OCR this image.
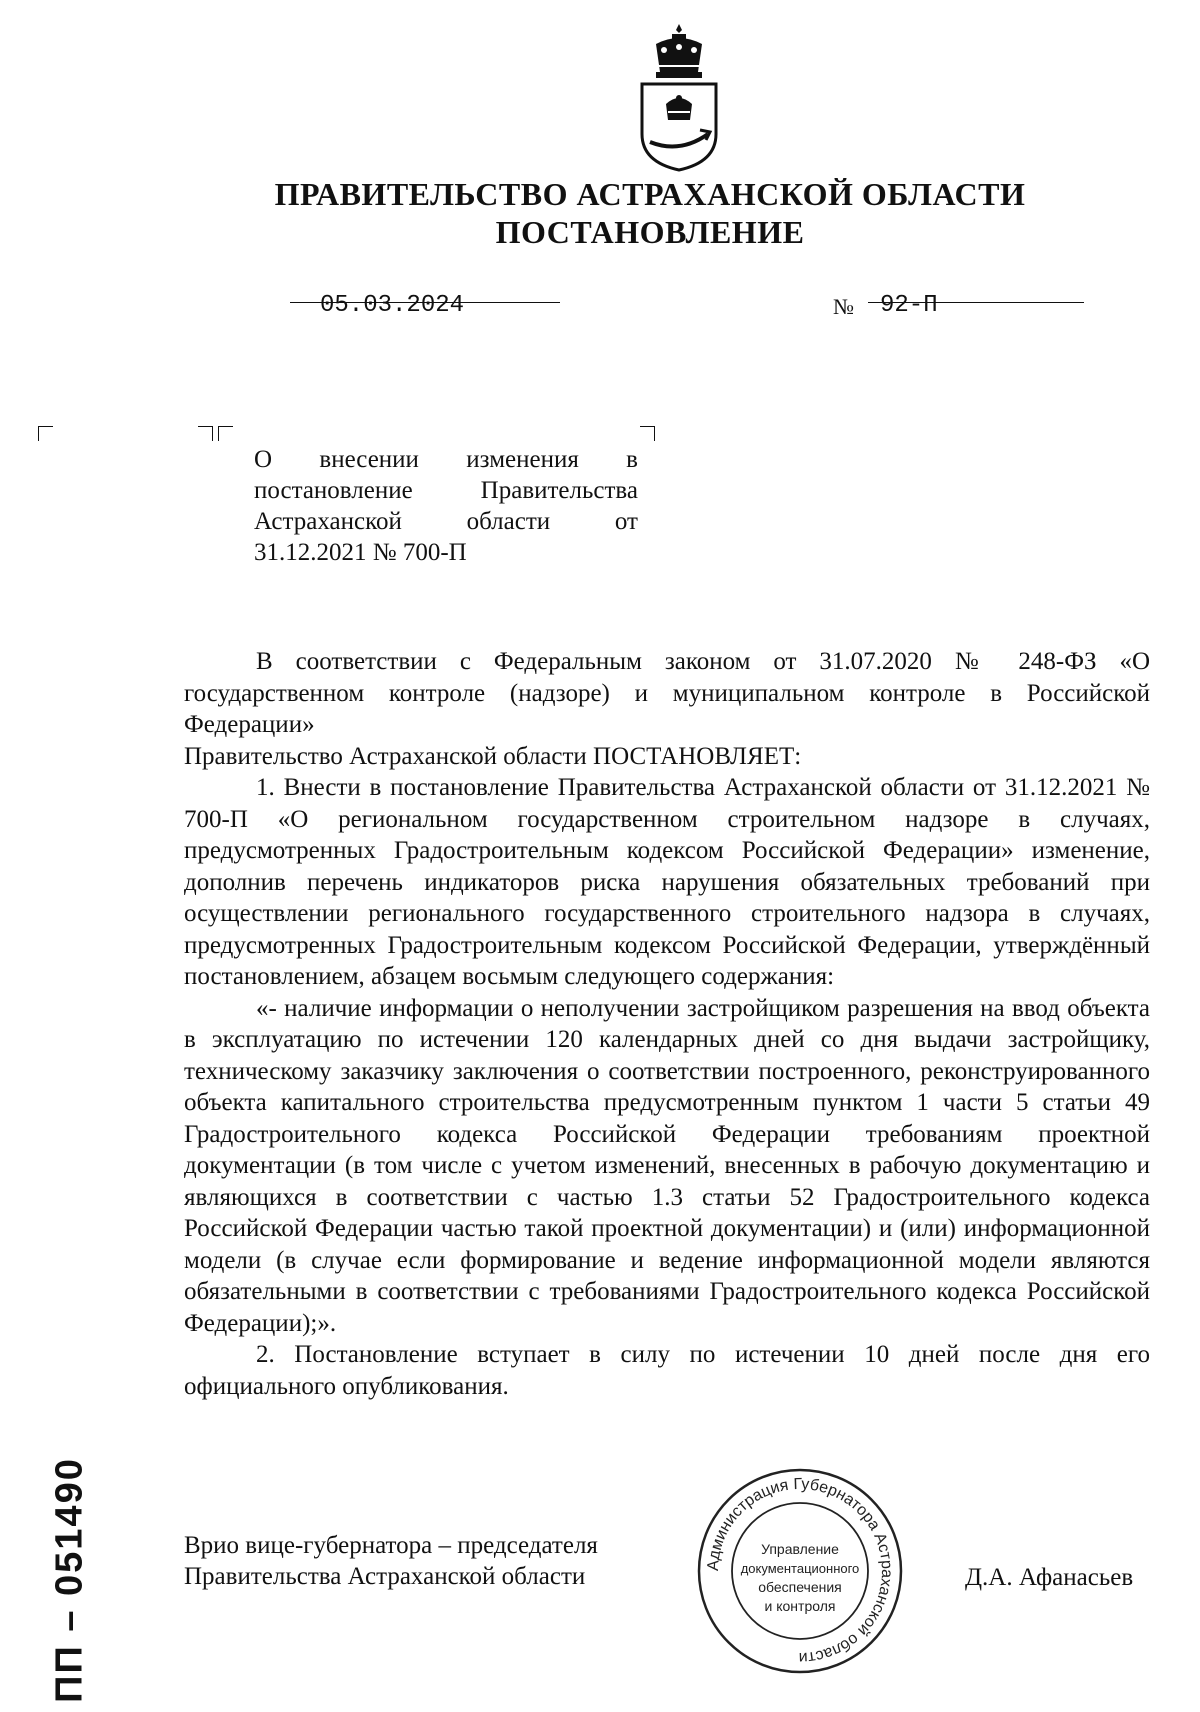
ПРАВИТЕЛЬСТВО АСТРАХАНСКОЙ ОБЛАСТИ
ПОСТАНОВЛЕНИЕ
05.03.2024	№ 92-П
О внесении изменения в постановление Правительства Астраханской области от 31.12.2021 № 700-П

В соответствии с Федеральным законом от 31.07.2020 № 248-ФЗ «О государственном контроле (надзоре) и муниципальном контроле в Российской Федерации»

Правительство Астраханской области ПОСТАНОВЛЯЕТ:

1. Внести в постановление Правительства Астраханской области от 31.12.2021 № 700-П «О региональном государственном строительном надзоре в случаях, предусмотренных Градостроительным кодексом Российской Федерации» изменение, дополнив перечень индикаторов риска нарушения обязательных требований при осуществлении регионального государственного строительного надзора в случаях, предусмотренных Градостроительным кодексом Российской Федерации, утверждённый постановлением, абзацем восьмым следующего содержания:

«- наличие информации о неполучении застройщиком разрешения на ввод объекта в эксплуатацию по истечении 120 календарных дней со дня выдачи застройщику, техническому заказчику заключения о соответствии построенного, реконструированного объекта капитального строительства предусмотренным пунктом 1 части 5 статьи 49 Градостроительного кодекса Российской Федерации требованиям проектной документации (в том числе с учетом изменений, внесенных в рабочую документацию и являющихся в соответствии с частью 1.3 статьи 52 Градостроительного кодекса Российской Федерации частью такой проектной документации) и (или) информационной модели (в случае если формирование и ведение информационной модели являются обязательными в соответствии с требованиями Градостроительного кодекса Российской Федерации);».

2. Постановление вступает в силу по истечении 10 дней после дня его официального опубликования.

Врио вице-губернатора – председателя
Правительства Астраханской области	Администрация Губернатора Астраханской области
Управление
документационного
обеспечения
и контроля
Д.А. Афанасьев
ПП – 051490
